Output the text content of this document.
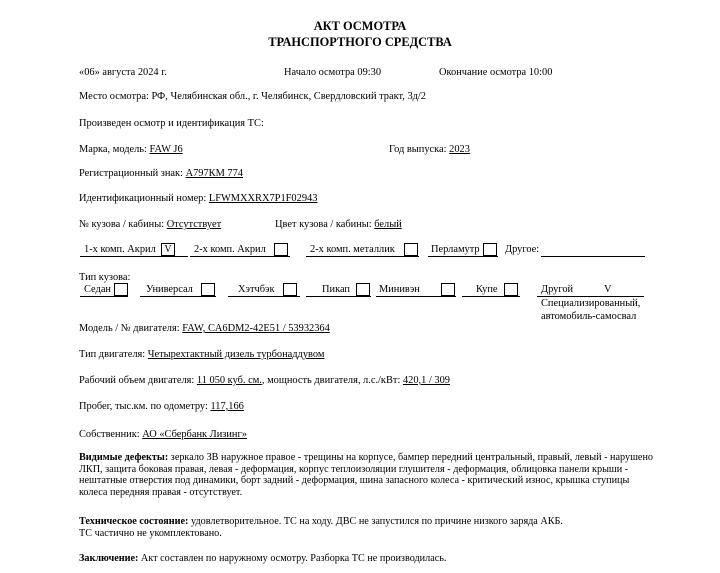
АКТ ОСМОТРА
ТРАНСПОРТНОГО СРЕДСТВА
«06» августа 2024 г.	Начало осмотра 09:30	Окончание осмотра 10:00
Место осмотра: РФ, Челябинская обл., г. Челябинск, Свердловский тракт, 3д/2
Произведен осмотр и идентификация ТС:
Марка, модель: FAW J6	Год выпуска: 2023
Регистрационный знак: А797КМ 774
Идентификационный номер: LFWMXXRX7P1F02943
№ кузова / кабины: Отсутствует	Цвет кузова / кабины: белый
1-х комп. Акрил V	2-х комп. Акрил	2-х комп. металлик	Перламутр Другое:
Тип кузова:
Седан	Универсал	Хэтчбэк	Пикап	Минивэн	Купе	Другой	V
Специализированный,
автомобиль-самосвал
Модель / № двигателя: FAW, CA6DM2-42E51 / 53932364
Тип двигателя: Четырехтактный дизель турбонаддувом
Рабочий объем двигателя: 11 050 куб. см., мощность двигателя, л.с./кВт: 420,1 / 309
Пробег, тыс.км. по одометру: 117,166
Собственник: АО «Сбербанк Лизинг»
Видимые дефекты: зеркало ЗВ наружное правое - трещины на корпусе, бампер передний центральный, правый, левый - нарушено ЛКП, защита боковая правая, левая - деформация, корпус теплоизоляции глушителя - деформация, облицовка панели крыши - нештатные отверстия под динамики, борт задний - деформация, шина запасного колеса - критический износ, крышка ступицы колеса передняя правая - отсутствует.
Техническое состояние: удовлетворительное. ТС на ходу. ДВС не запустился по причине низкого заряда АКБ.
ТС частично не укомплектовано.
Заключение: Акт составлен по наружному осмотру. Разборка ТС не производилась.
